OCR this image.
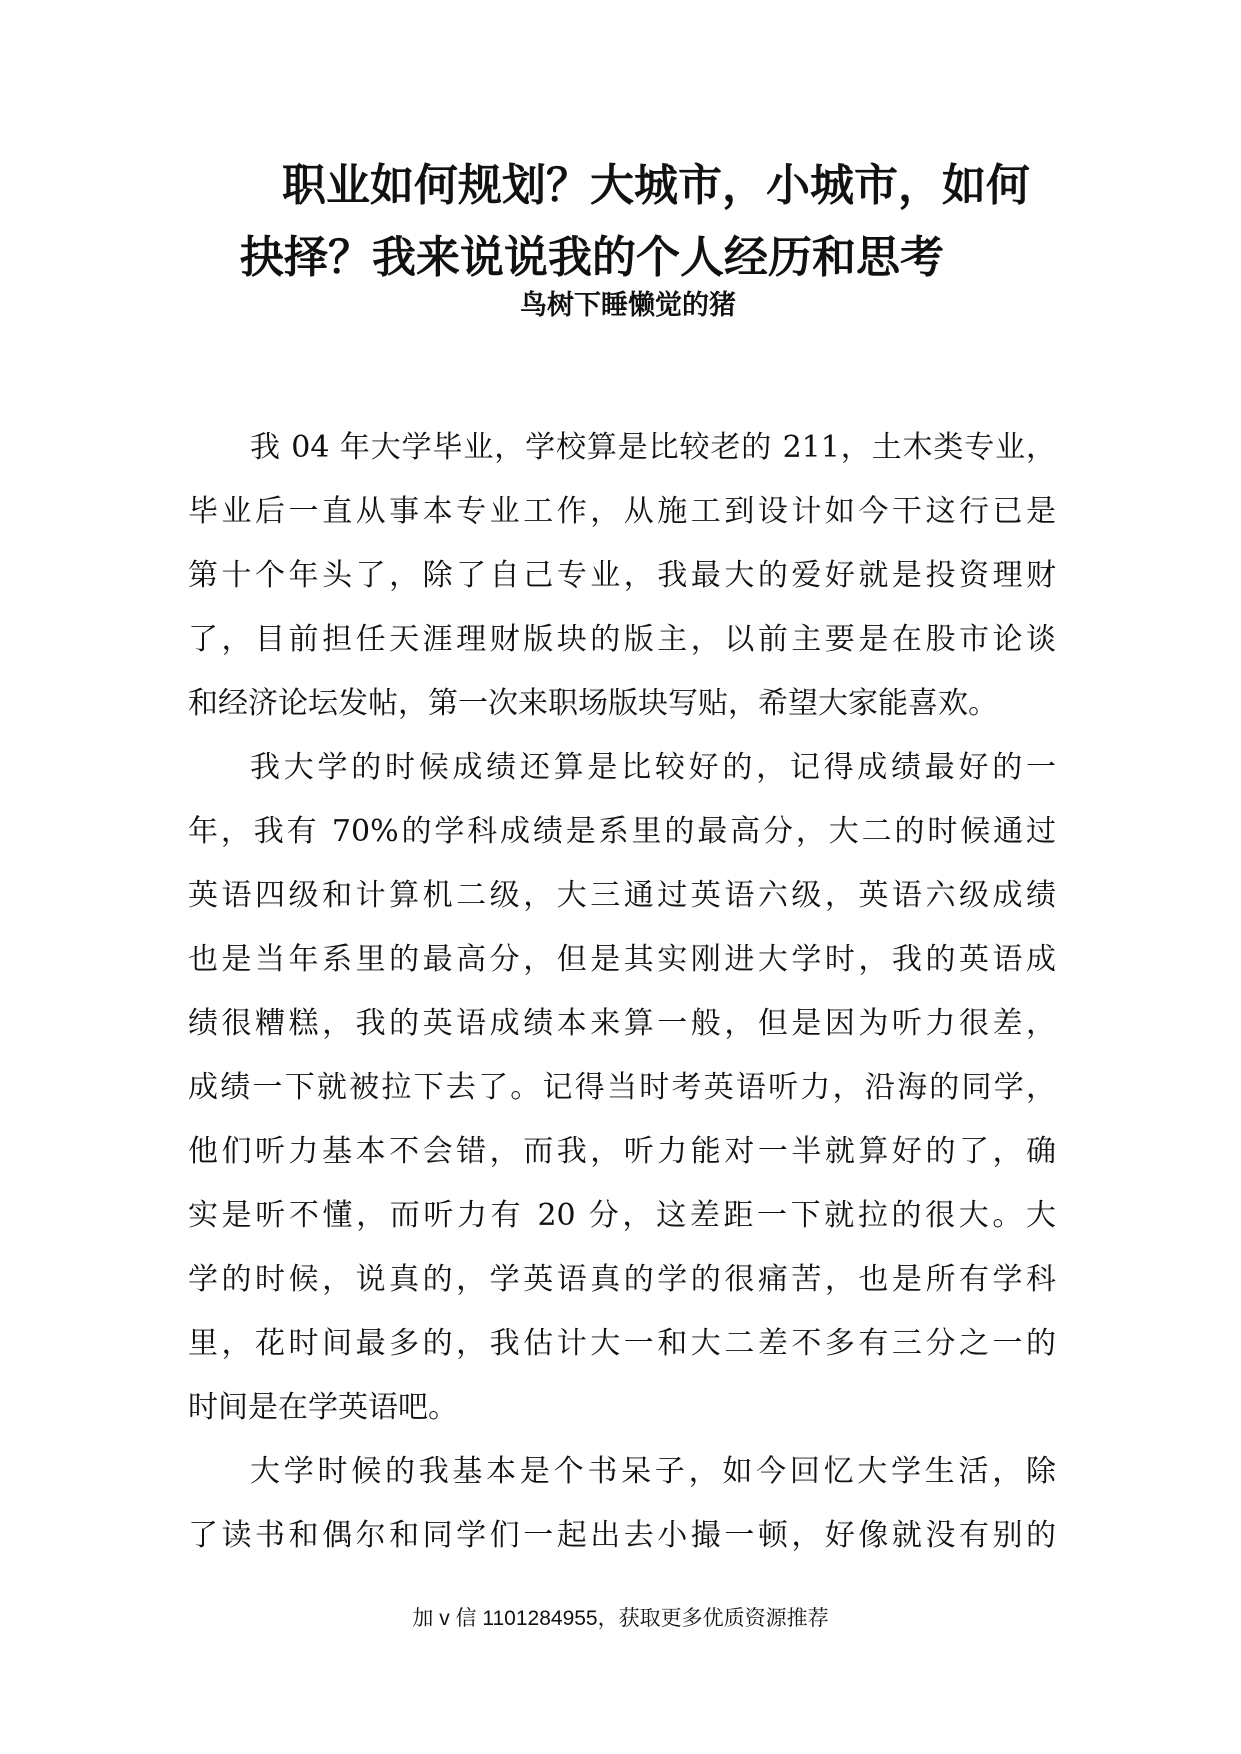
职业如何规划？大城市，小城市，如何
抉择？我来说说我的个人经历和思考

鸟树下睡懒觉的猪

我 04 年大学毕业，学校算是比较老的 211，土木类专业，
毕业后一直从事本专业工作，从施工到设计如今干这行已是
第十个年头了，除了自己专业，我最大的爱好就是投资理财
了，目前担任天涯理财版块的版主，以前主要是在股市论谈
和经济论坛发帖，第一次来职场版块写贴，希望大家能喜欢。
我大学的时候成绩还算是比较好的，记得成绩最好的一
年，我有 70%的学科成绩是系里的最高分，大二的时候通过
英语四级和计算机二级，大三通过英语六级，英语六级成绩
也是当年系里的最高分，但是其实刚进大学时，我的英语成
绩很糟糕，我的英语成绩本来算一般，但是因为听力很差，
成绩一下就被拉下去了。记得当时考英语听力，沿海的同学，
他们听力基本不会错，而我，听力能对一半就算好的了，确
实是听不懂，而听力有 20 分，这差距一下就拉的很大。大
学的时候，说真的，学英语真的学的很痛苦，也是所有学科
里，花时间最多的，我估计大一和大二差不多有三分之一的
时间是在学英语吧。
大学时候的我基本是个书呆子，如今回忆大学生活，除
了读书和偶尔和同学们一起出去小撮一顿，好像就没有别的

加 v 信 1101284955，获取更多优质资源推荐
